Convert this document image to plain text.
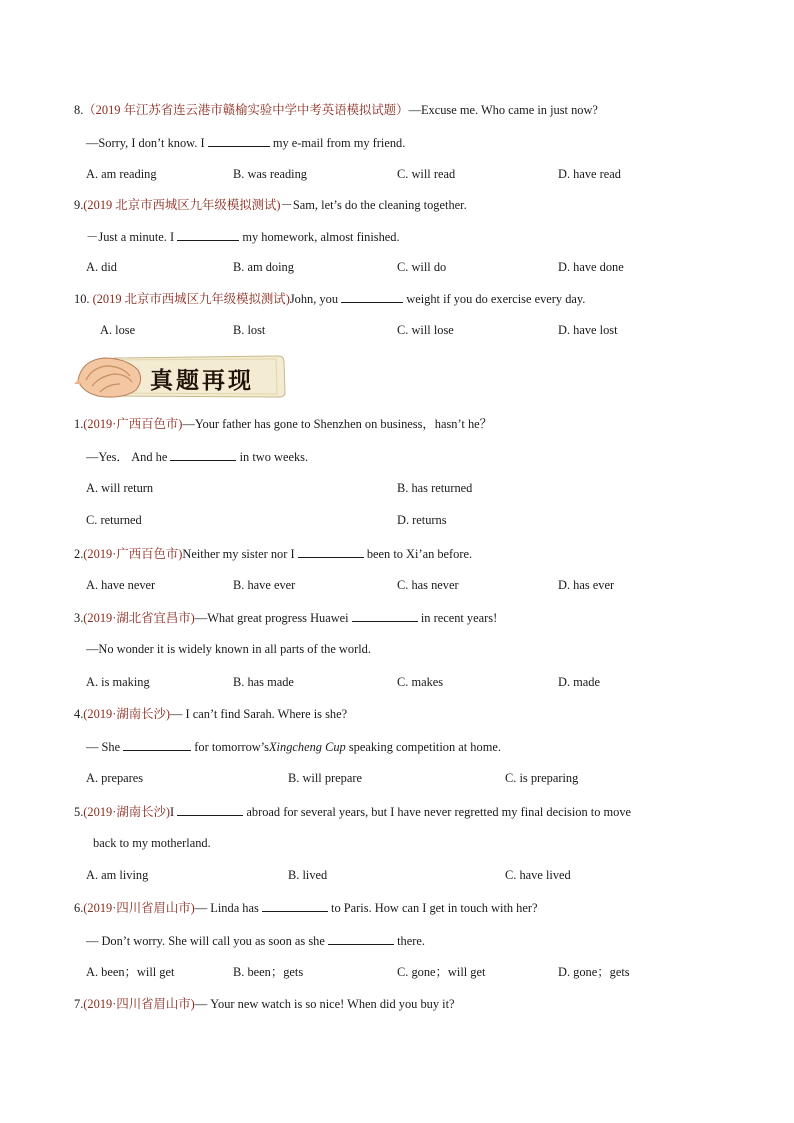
8.（2019 年江苏省连云港市赣榆实验中学中考英语模拟试题）—Excuse me. Who came in just now?
—Sorry, I don’t know. I	my e-mail from my friend.
A. am reading	B. was reading	C. will read	D. have read
9.(2019 北京市西城区九年级模拟测试)－Sam, let’s do the cleaning together.
－Just a minute. I	my homework, almost finished.
A. did	B. am doing	C. will do	D. have done
10. (2019 北京市西城区九年级模拟测试)John, you	weight if you do exercise every day.
A. lose	B. lost	C. will lose	D. have lost
真题再现
1.(2019·广西百色市)—Your father has gone to Shenzhen on business，hasn’t he？
—Yes． And he	in two weeks.
A. will return	B. has returned
C. returned	D. returns
2.(2019·广西百色市)Neither my sister nor I	been to Xi’an before.
A. have never	B. have ever	C. has never	D. has ever
3.(2019·湖北省宜昌市)—What great progress Huawei	in recent years!
—No wonder it is widely known in all parts of the world.
A. is making	B. has made	C. makes	D. made
4.(2019·湖南长沙)— I can’t find Sarah. Where is she?
— She	for tomorrow’sXingcheng Cup speaking competition at home.
A. prepares	B. will prepare	C. is preparing
5.(2019·湖南长沙)I	abroad for several years, but I have never regretted my final decision to move
back to my motherland.
A. am living	B. lived	C. have lived
6.(2019·四川省眉山市)— Linda has	to Paris. How can I get in touch with her?
— Don’t worry. She will call you as soon as she	there.
A. been；will get	B. been；gets	C. gone；will get	D. gone；gets
7.(2019·四川省眉山市)— Your new watch is so nice! When did you buy it?
